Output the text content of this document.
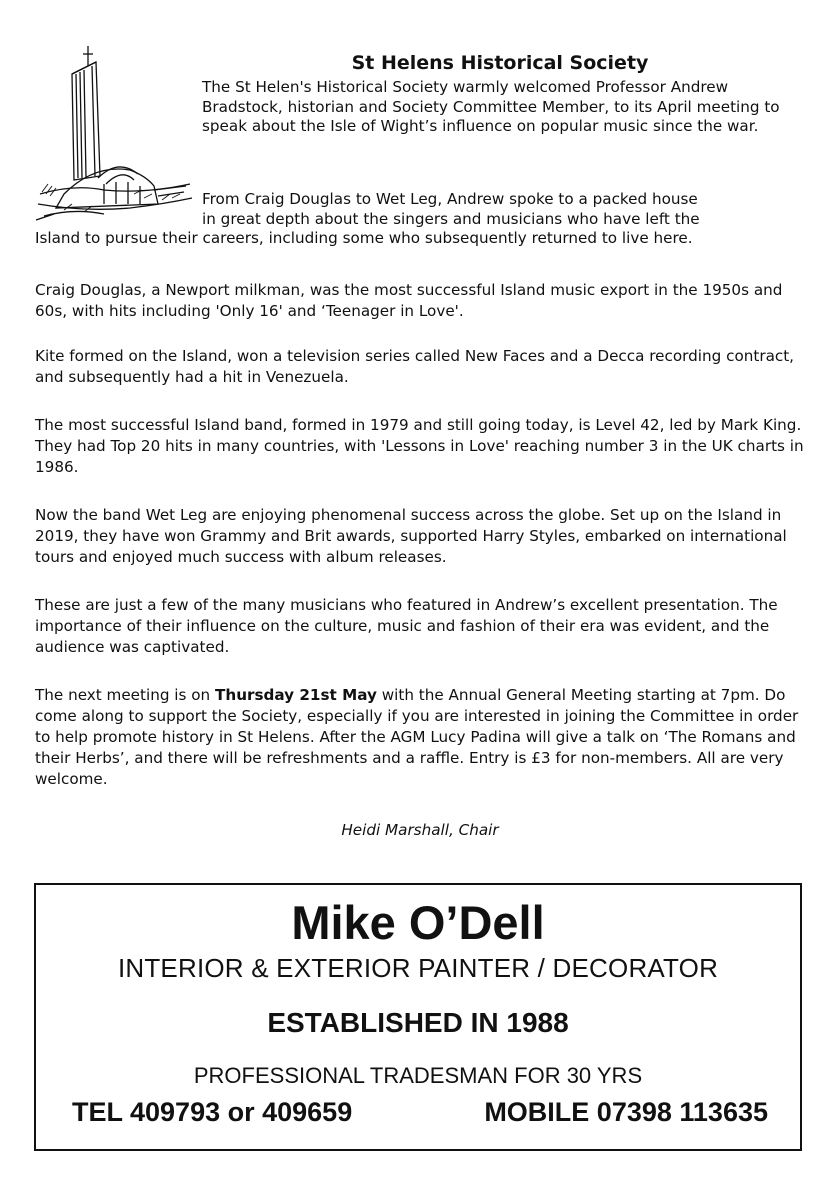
St Helens Historical Society

The St Helen's Historical Society warmly welcomed Professor Andrew Bradstock, historian and Society Committee Member, to its April meeting to speak about the Isle of Wight’s influence on popular music since the war.

From Craig Douglas to Wet Leg, Andrew spoke to a packed house
in great depth about the singers and musicians who have left the
Island to pursue their careers, including some who subsequently returned to live here.

Craig Douglas, a Newport milkman, was the most successful Island music export in the 1950s and 60s, with hits including 'Only 16' and ‘Teenager in Love'.

Kite formed on the Island, won a television series called New Faces and a Decca recording contract, and subsequently had a hit in Venezuela.

The most successful Island band, formed in 1979 and still going today, is Level 42, led by Mark King. They had Top 20 hits in many countries, with 'Lessons in Love' reaching number 3 in the UK charts in 1986.

Now the band Wet Leg are enjoying phenomenal success across the globe. Set up on the Island in 2019, they have won Grammy and Brit awards, supported Harry Styles, embarked on international tours and enjoyed much success with album releases.

These are just a few of the many musicians who featured in Andrew’s excellent presentation. The importance of their influence on the culture, music and fashion of their era was evident, and the audience was captivated.

The next meeting is on Thursday 21st May with the Annual General Meeting starting at 7pm. Do come along to support the Society, especially if you are interested in joining the Committee in order to help promote history in St Helens. After the AGM Lucy Padina will give a talk on ‘The Romans and their Herbs’, and there will be refreshments and a raffle. Entry is £3 for non-members. All are very welcome.

Heidi Marshall, Chair

Mike O’Dell

INTERIOR & EXTERIOR PAINTER / DECORATOR

ESTABLISHED IN 1988

PROFESSIONAL TRADESMAN FOR 30 YRS

TEL 409793 or 409659	MOBILE 07398 113635
